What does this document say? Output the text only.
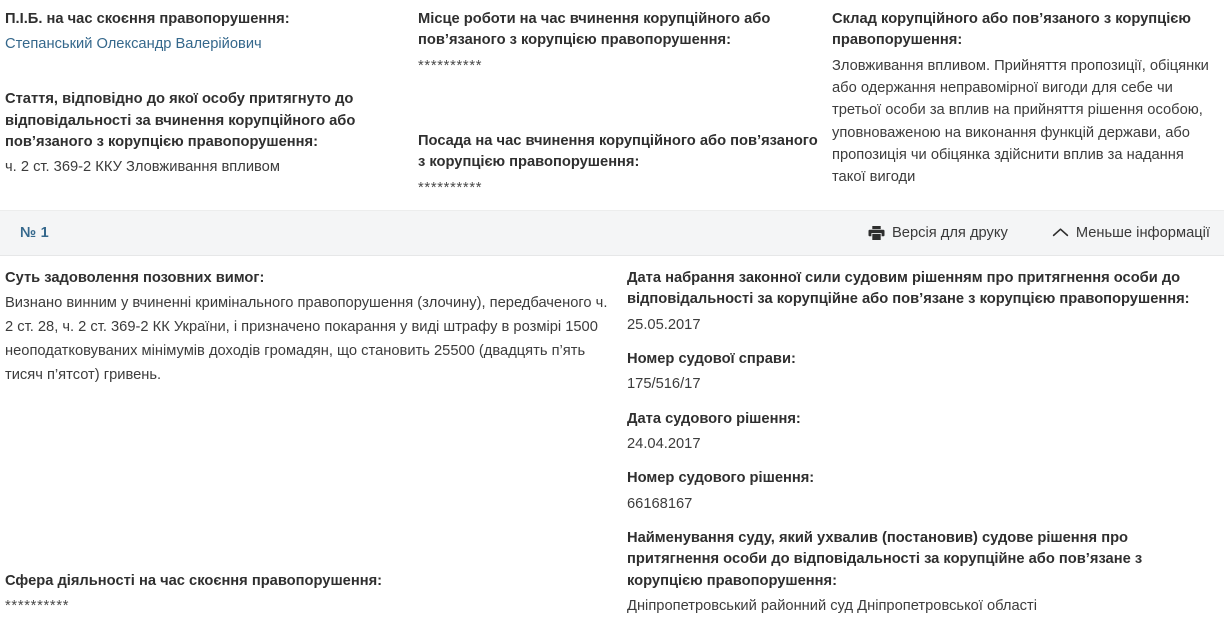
П.І.Б. на час скоєння правопорушення:
Степанський Олександр Валерійович
Стаття, відповідно до якої особу притягнуто до відповідальності за вчинення корупційного або пов’язаного з корупцією правопорушення:
ч. 2 ст. 369-2 ККУ Зловживання впливом
Місце роботи на час вчинення корупційного або пов’язаного з корупцією правопорушення:
**********
Посада на час вчинення корупційного або пов’язаного з корупцією правопорушення:
**********
Склад корупційного або пов’язаного з корупцією правопорушення:
Зловживання впливом. Прийняття пропозиції, обіцянки або одержання неправомірної вигоди для себе чи третьої особи за вплив на прийняття рішення особою, уповноваженою на виконання функцій держави, або пропозиція чи обіцянка здійснити вплив за надання такої вигоди
№ 1	Версія для друку	Меньше інформації
Суть задоволення позовних вимог:
Визнано винним у вчиненні кримінального правопорушення (злочину), передбаченого ч. 2 ст. 28, ч. 2 ст. 369-2 КК України, і призначено покарання у виді штрафу в розмірі 1500 неоподатковуваних мінімумів доходів громадян, що становить 25500 (двадцять п’ять тисяч п’ятсот) гривень.
Сфера діяльності на час скоєння правопорушення:
**********
Дата набрання законної сили судовим рішенням про притягнення особи до відповідальності за корупційне або пов’язане з корупцією правопорушення:
25.05.2017
Номер судової справи:
175/516/17
Дата судового рішення:
24.04.2017
Номер судового рішення:
66168167
Найменування суду, який ухвалив (постановив) судове рішення про притягнення особи до відповідальності за корупційне або пов’язане з корупцією правопорушення:
Дніпропетровський районний суд Дніпропетровської області
